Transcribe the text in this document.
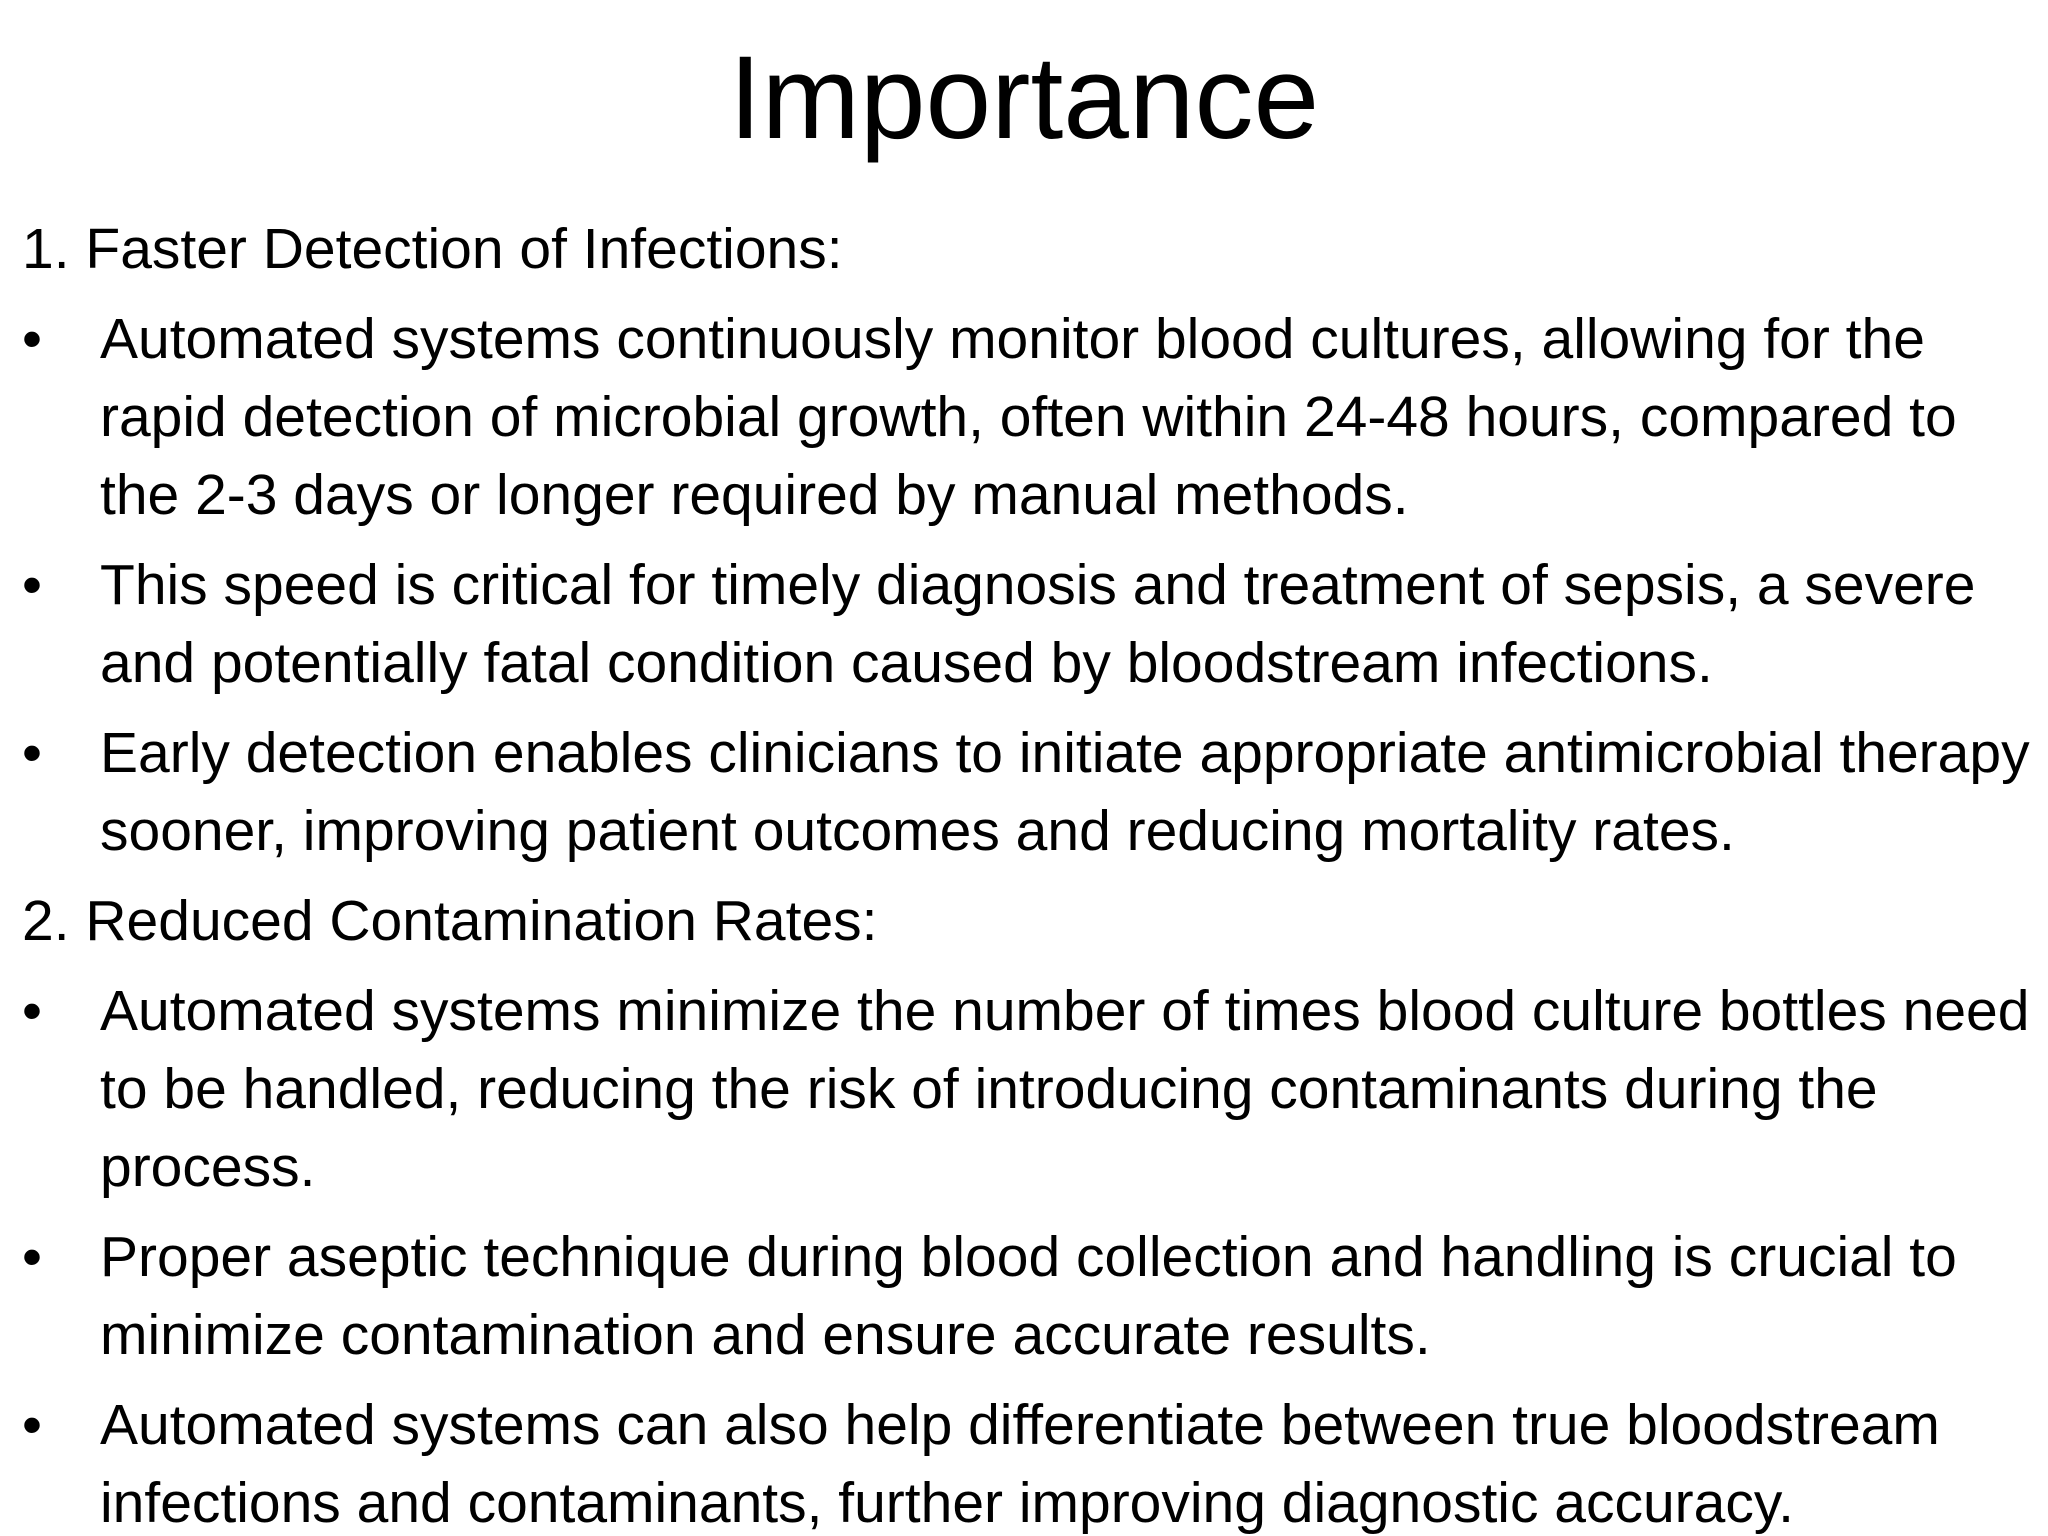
Importance
1. Faster Detection of Infections:
•	Automated systems continuously monitor blood cultures, allowing for the rapid detection of microbial growth, often within 24-48 hours, compared to the 2-3 days or longer required by manual methods.
•	This speed is critical for timely diagnosis and treatment of sepsis, a severe and potentially fatal condition caused by bloodstream infections.
•	Early detection enables clinicians to initiate appropriate antimicrobial therapy sooner, improving patient outcomes and reducing mortality rates.
2. Reduced Contamination Rates:
•	Automated systems minimize the number of times blood culture bottles need to be handled, reducing the risk of introducing contaminants during the process.
•	Proper aseptic technique during blood collection and handling is crucial to minimize contamination and ensure accurate results.
•	Automated systems can also help differentiate between true bloodstream infections and contaminants, further improving diagnostic accuracy.
